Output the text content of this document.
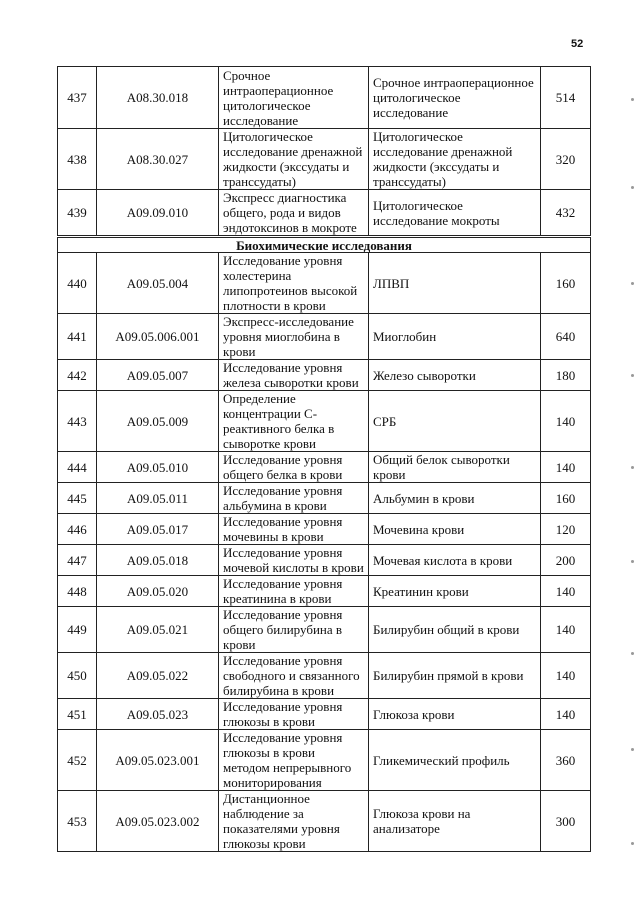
52
437	A08.30.018	Срочное интраоперационное цитологическое исследование	Срочное интраоперационное цитологическое исследование	514
438	A08.30.027	Цитологическое исследование дренажной жидкости (экссудаты и транссудаты)	Цитологическое исследование дренажной жидкости (экссудаты и транссудаты)	320
439	A09.09.010	Экспресс диагностика общего, рода и видов эндотоксинов в мокроте	Цитологическое исследование мокроты	432
Биохимические исследования				
440	A09.05.004	Исследование уровня холестерина липопротеинов высокой плотности в крови	ЛПВП	160
441	A09.05.006.001	Экспресс-исследование уровня миоглобина в крови	Миоглобин	640
442	A09.05.007	Исследование уровня железа сыворотки крови	Железо сыворотки	180
443	A09.05.009	Определение концентрации С-реактивного белка в сыворотке крови	СРБ	140
444	A09.05.010	Исследование уровня общего белка в крови	Общий белок сыворотки крови	140
445	A09.05.011	Исследование уровня альбумина в крови	Альбумин в крови	160
446	A09.05.017	Исследование уровня мочевины в крови	Мочевина крови	120
447	A09.05.018	Исследование уровня мочевой кислоты в крови	Мочевая кислота в крови	200
448	A09.05.020	Исследование уровня креатинина в крови	Креатинин крови	140
449	A09.05.021	Исследование уровня общего билирубина в крови	Билирубин общий в крови	140
450	A09.05.022	Исследование уровня свободного и связанного билирубина в крови	Билирубин прямой в крови	140
451	A09.05.023	Исследование уровня глюкозы в крови	Глюкоза крови	140
452	A09.05.023.001	Исследование уровня глюкозы в крови методом непрерывного мониторирования	Гликемический профиль	360
453	A09.05.023.002	Дистанционное наблюдение за показателями уровня глюкозы крови	Глюкоза крови на анализаторе	300
